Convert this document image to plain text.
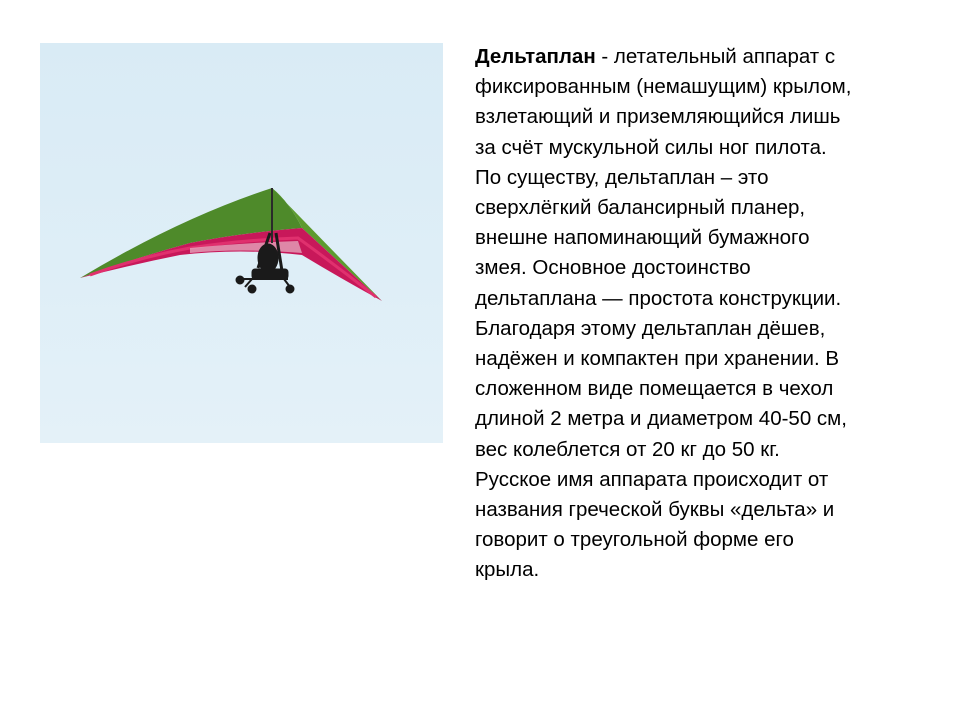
Дельтаплан - летательный аппарат с
фиксированным (немашущим) крылом,
взлетающий и приземляющийся лишь
за счёт мускульной силы ног пилота.
По существу, дельтаплан – это
сверхлёгкий балансирный планер,
внешне напоминающий бумажного
змея. Основное достоинство
дельтаплана — простота конструкции.
Благодаря этому дельтаплан дёшев,
надёжен и компактен при хранении. В
сложенном виде помещается в чехол
длиной 2 метра и диаметром 40-50 см,
вес колеблется от 20 кг до 50 кг.
Русское имя аппарата происходит от
названия греческой буквы «дельта» и
говорит о треугольной форме его
крыла.
